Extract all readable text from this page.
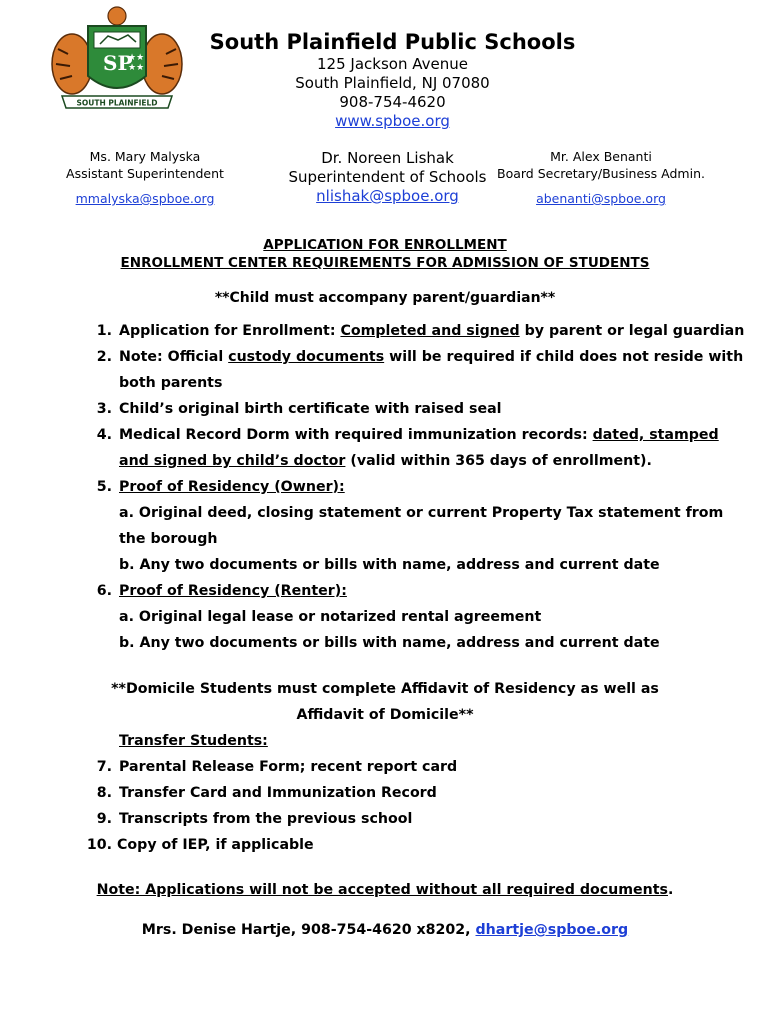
SP
★★
★★
SOUTH PLAINFIELD
South Plainfield Public Schools
125 Jackson Avenue
South Plainfield, NJ 07080
908-754-4620
www.spboe.org
Ms. Mary Malyska
Assistant Superintendent
mmalyska@spboe.org
Dr. Noreen Lishak
Superintendent of Schools
nlishak@spboe.org
Mr. Alex Benanti
Board Secretary/Business Admin.
abenanti@spboe.org
APPLICATION FOR ENROLLMENT
ENROLLMENT CENTER REQUIREMENTS FOR ADMISSION OF STUDENTS
**Child must accompany parent/guardian**
1. Application for Enrollment: Completed and signed by parent or legal guardian
2. Note: Official custody documents will be required if child does not reside with
both parents
3. Child’s original birth certificate with raised seal
4. Medical Record Dorm with required immunization records: dated, stamped
and signed by child’s doctor (valid within 365 days of enrollment).
5. Proof of Residency (Owner):
a. Original deed, closing statement or current Property Tax statement from
the borough
b. Any two documents or bills with name, address and current date
6. Proof of Residency (Renter):
a. Original legal lease or notarized rental agreement
b. Any two documents or bills with name, address and current date
**Domicile Students must complete Affidavit of Residency as well as
Affidavit of Domicile**
Transfer Students:
7. Parental Release Form; recent report card
8. Transfer Card and Immunization Record
9. Transcripts from the previous school
10. Copy of IEP, if applicable
Note: Applications will not be accepted without all required documents.
Mrs. Denise Hartje, 908-754-4620 x8202, dhartje@spboe.org
